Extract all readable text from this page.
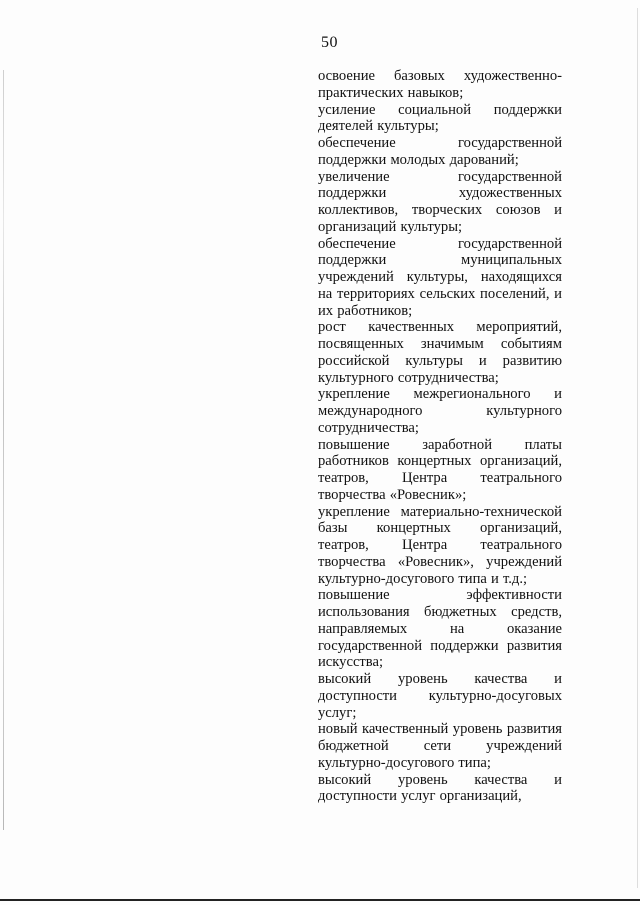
50

освоение базовых художественно-практических навыков;

усиление социальной поддержки деятелей культуры;

обеспечение государственной поддержки молодых дарований;

увеличение государственной поддержки художественных коллективов, творческих союзов и организаций культуры;

обеспечение государственной поддержки муниципальных учреждений культуры, находящихся на территориях сельских поселений, и их работников;

рост качественных мероприятий, посвященных значимым событиям российской культуры и развитию культурного сотрудничества;

укрепление межрегионального и международного культурного сотрудничества;

повышение заработной платы работников концертных организаций, театров, Центра театрального творчества «Ровесник»;

укрепление материально-технической базы концертных организаций, театров, Центра театрального творчества «Ровесник», учреждений культурно-досугового типа и т.д.;

повышение эффективности использования бюджетных средств, направляемых на оказание государственной поддержки развития искусства;

высокий уровень качества и доступности культурно-досуговых услуг;

новый качественный уровень развития бюджетной сети учреждений культурно-досугового типа;

высокий уровень качества и доступности услуг организаций,
